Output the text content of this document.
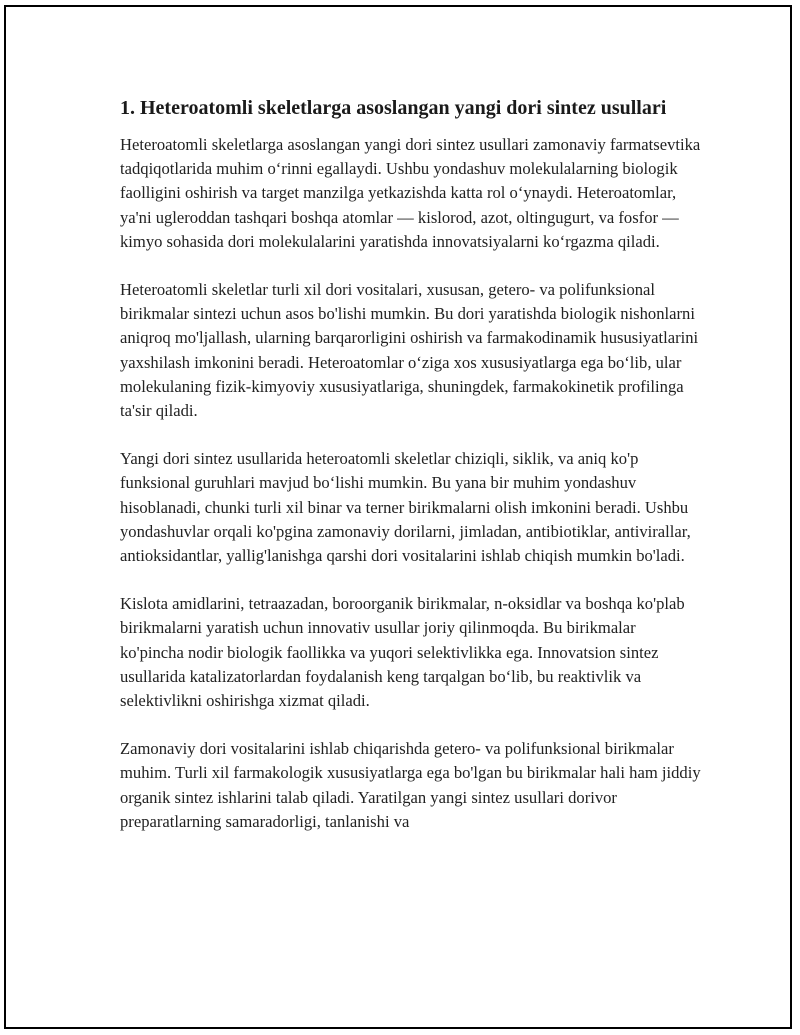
1. Heteroatomli skeletlarga asoslangan yangi dori sintez usullari

Heteroatomli skeletlarga asoslangan yangi dori sintez usullari zamonaviy farmatsevtika tadqiqotlarida muhim oʻrinni egallaydi. Ushbu yondashuv molekulalarning biologik faolligini oshirish va target manzilga yetkazishda katta rol oʻynaydi. Heteroatomlar, ya'ni ugleroddan tashqari boshqa atomlar — kislorod, azot, oltingugurt, va fosfor — kimyo sohasida dori molekulalarini yaratishda innovatsiyalarni koʻrgazma qiladi.

Heteroatomli skeletlar turli xil dori vositalari, xususan, getero- va polifunksional birikmalar sintezi uchun asos bo'lishi mumkin. Bu dori yaratishda biologik nishonlarni aniqroq mo'ljallash, ularning barqarorligini oshirish va farmakodinamik hususiyatlarini yaxshilash imkonini beradi. Heteroatomlar oʻziga xos xususiyatlarga ega boʻlib, ular molekulaning fizik-kimyoviy xususiyatlariga, shuningdek, farmakokinetik profilinga ta'sir qiladi.

Yangi dori sintez usullarida heteroatomli skeletlar chiziqli, siklik, va aniq ko'p funksional guruhlari mavjud boʻlishi mumkin. Bu yana bir muhim yondashuv hisoblanadi, chunki turli xil binar va terner birikmalarni olish imkonini beradi. Ushbu yondashuvlar orqali ko'pgina zamonaviy dorilarni, jimladan, antibiotiklar, antivirallar, antioksidantlar, yallig'lanishga qarshi dori vositalarini ishlab chiqish mumkin bo'ladi.

Kislota amidlarini, tetraazadan, boroorganik birikmalar, n-oksidlar va boshqa ko'plab birikmalarni yaratish uchun innovativ usullar joriy qilinmoqda. Bu birikmalar ko'pincha nodir biologik faollikka va yuqori selektivlikka ega. Innovatsion sintez usullarida katalizatorlardan foydalanish keng tarqalgan boʻlib, bu reaktivlik va selektivlikni oshirishga xizmat qiladi.

Zamonaviy dori vositalarini ishlab chiqarishda getero- va polifunksional birikmalar muhim. Turli xil farmakologik xususiyatlarga ega bo'lgan bu birikmalar hali ham jiddiy organik sintez ishlarini talab qiladi. Yaratilgan yangi sintez usullari dorivor preparatlarning samaradorligi, tanlanishi va
